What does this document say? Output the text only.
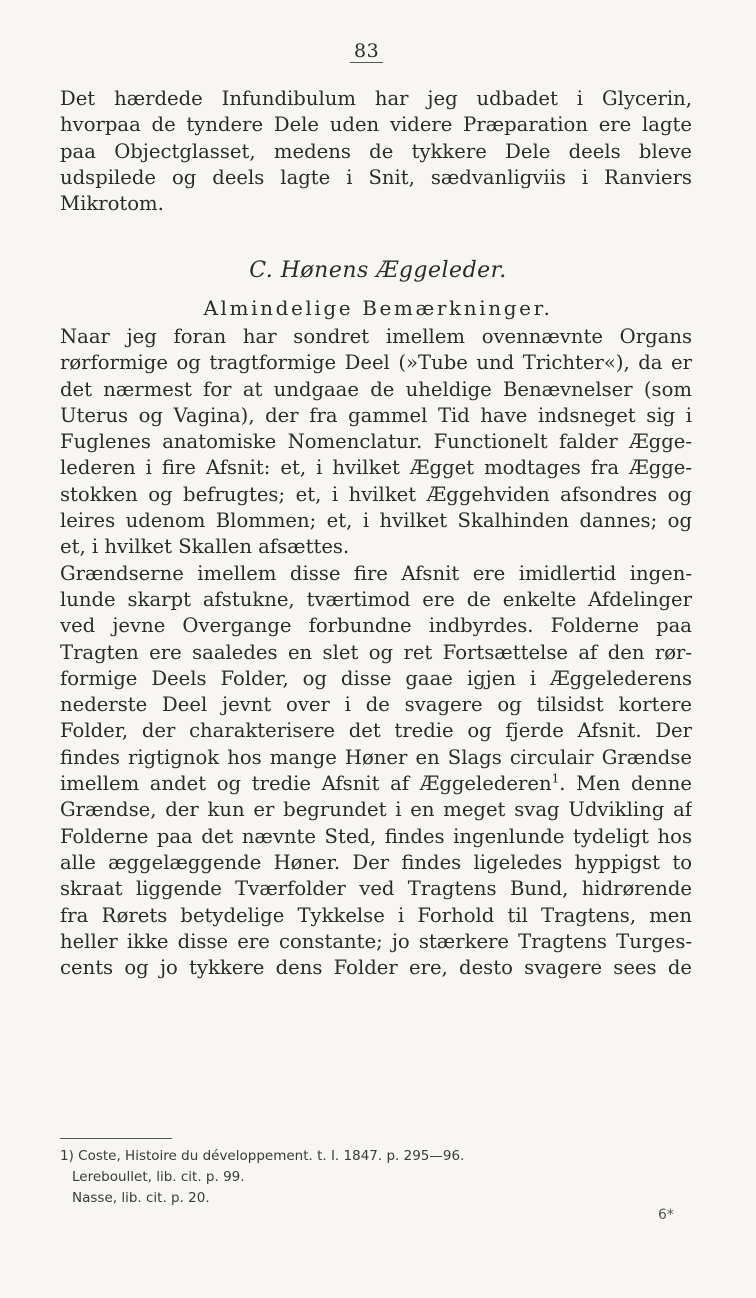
83
Det hærdede Infundibulum har jeg udbadet i Glycerin,
hvorpaa de tyndere Dele uden videre Præparation ere lagte
paa Objectglasset, medens de tykkere Dele deels bleve
udspilede og deels lagte i Snit, sædvanligviis i Ranviers
Mikrotom.
C. Hønens Æggeleder.
Almindelige Bemærkninger.
Naar jeg foran har sondret imellem ovennævnte Organs
rørformige og tragtformige Deel (»Tube und Trichter«), da er
det nærmest for at undgaae de uheldige Benævnelser (som
Uterus og Vagina), der fra gammel Tid have indsneget sig i
Fuglenes anatomiske Nomenclatur. Functionelt falder Ægge-
lederen i fire Afsnit: et, i hvilket Ægget modtages fra Ægge-
stokken og befrugtes; et, i hvilket Æggehviden afsondres og
leires udenom Blommen; et, i hvilket Skalhinden dannes; og
et, i hvilket Skallen afsættes.
Grændserne imellem disse fire Afsnit ere imidlertid ingen-
lunde skarpt afstukne, tværtimod ere de enkelte Afdelinger
ved jevne Overgange forbundne indbyrdes. Folderne paa
Tragten ere saaledes en slet og ret Fortsættelse af den rør-
formige Deels Folder, og disse gaae igjen i Æggelederens
nederste Deel jevnt over i de svagere og tilsidst kortere
Folder, der charakterisere det tredie og fjerde Afsnit. Der
findes rigtignok hos mange Høner en Slags circulair Grændse
imellem andet og tredie Afsnit af Æggelederen$^1$. Men denne
Grændse, der kun er begrundet i en meget svag Udvikling af
Folderne paa det nævnte Sted, findes ingenlunde tydeligt hos
alle æggelæggende Høner. Der findes ligeledes hyppigst to
skraat liggende Tværfolder ved Tragtens Bund, hidrørende
fra Rørets betydelige Tykkelse i Forhold til Tragtens, men
heller ikke disse ere constante; jo stærkere Tragtens Turges-
cents og jo tykkere dens Folder ere, desto svagere sees de
1) Coste, Histoire du développement. t. I. 1847. p. 295—96.
Lereboullet, lib. cit. p. 99.
Nasse, lib. cit. p. 20.
6*
